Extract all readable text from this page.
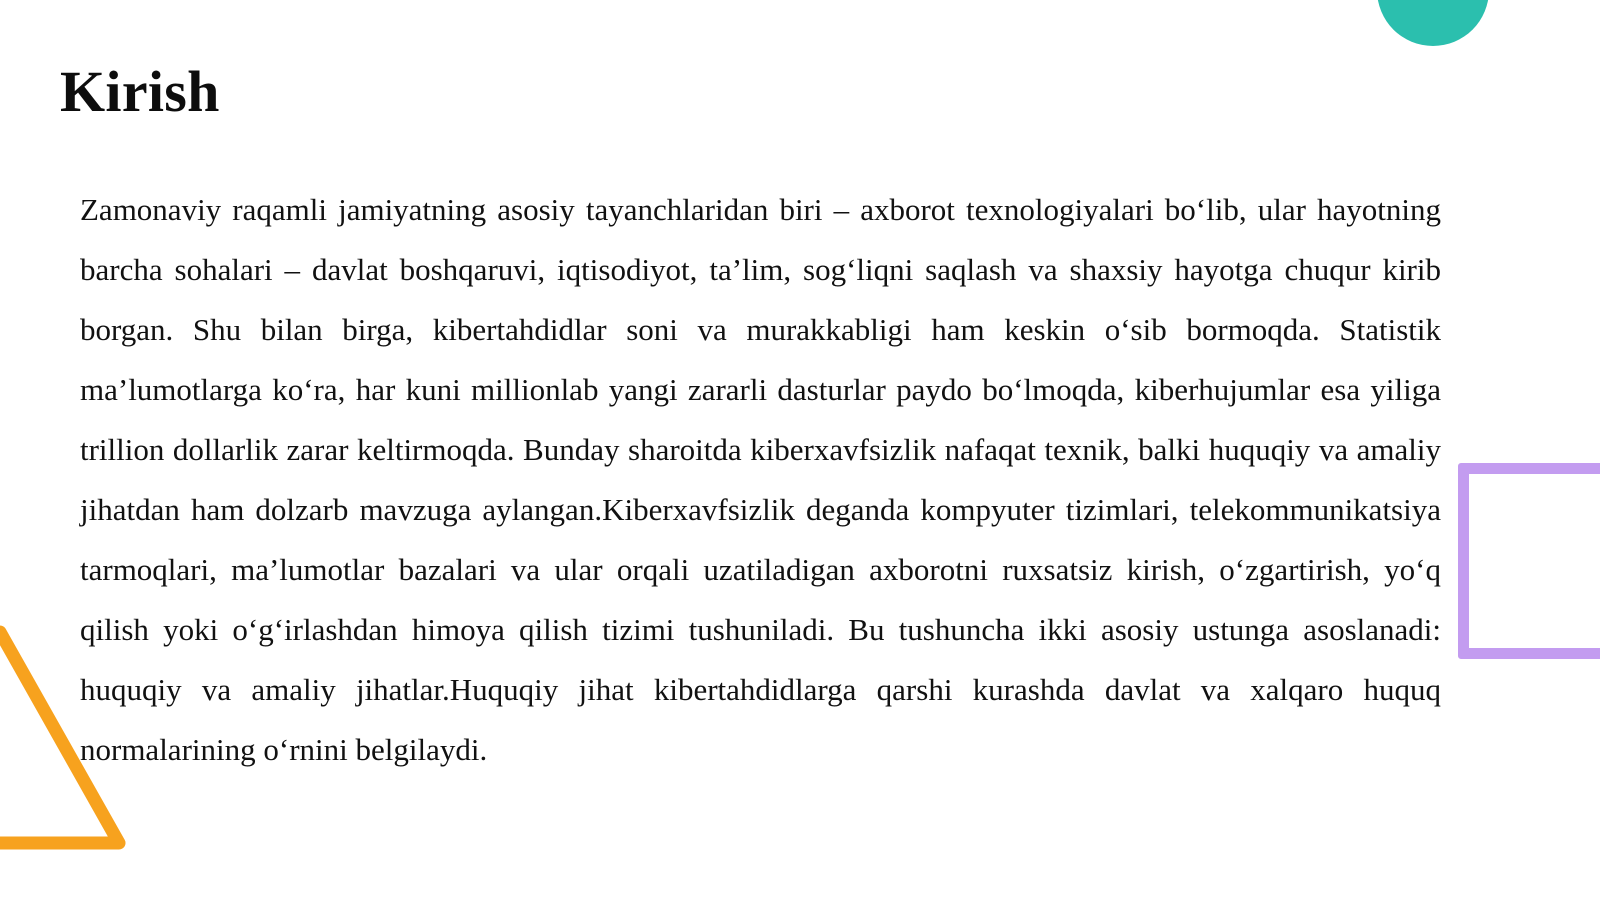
Kirish

Zamonaviy raqamli jamiyatning asosiy tayanchlaridan biri – axborot texnologiyalari bo‘lib, ular hayotning barcha sohalari – davlat boshqaruvi, iqtisodiyot, ta’lim, sog‘liqni saqlash va shaxsiy hayotga chuqur kirib borgan. Shu bilan birga, kibertahdidlar soni va murakkabligi ham keskin o‘sib bormoqda. Statistik ma’lumotlarga ko‘ra, har kuni millionlab yangi zararli dasturlar paydo bo‘lmoqda, kiberhujumlar esa yiliga trillion dollarlik zarar keltirmoqda. Bunday sharoitda kiberxavfsizlik nafaqat texnik, balki huquqiy va amaliy jihatdan ham dolzarb mavzuga aylangan.Kiberxavfsizlik deganda kompyuter tizimlari, telekommunikatsiya tarmoqlari, ma’lumotlar bazalari va ular orqali uzatiladigan axborotni ruxsatsiz kirish, o‘zgartirish, yo‘q qilish yoki o‘g‘irlashdan himoya qilish tizimi tushuniladi. Bu tushuncha ikki asosiy ustunga asoslanadi: huquqiy va amaliy jihatlar.Huquqiy jihat kibertahdidlarga qarshi kurashda davlat va xalqaro huquq normalarining o‘rnini belgilaydi.
